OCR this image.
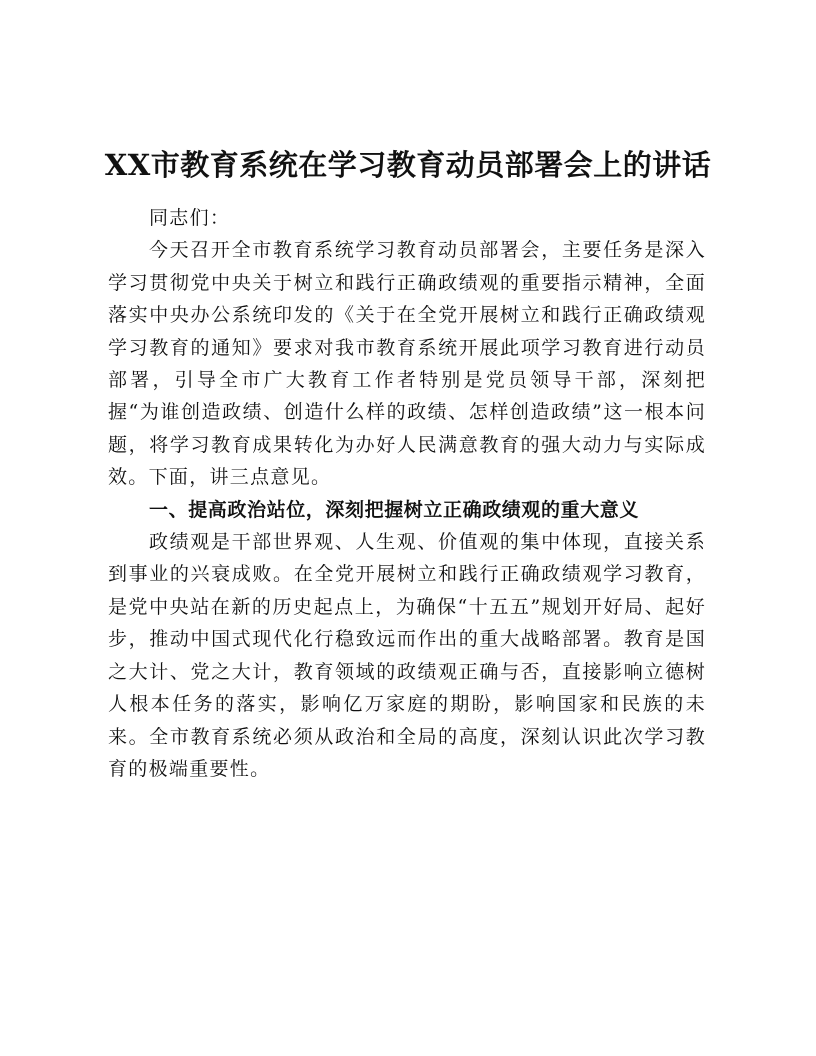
XX市教育系统在学习教育动员部署会上的讲话

同志们：

今天召开全市教育系统学习教育动员部署会，主要任务是深入学习贯彻党中央关于树立和践行正确政绩观的重要指示精神，全面落实中央办公系统印发的《关于在全党开展树立和践行正确政绩观学习教育的通知》要求对我市教育系统开展此项学习教育进行动员部署，引导全市广大教育工作者特别是党员领导干部，深刻把握“为谁创造政绩、创造什么样的政绩、怎样创造政绩”这一根本问题，将学习教育成果转化为办好人民满意教育的强大动力与实际成效。下面，讲三点意见。

一、提高政治站位，深刻把握树立正确政绩观的重大意义

政绩观是干部世界观、人生观、价值观的集中体现，直接关系到事业的兴衰成败。在全党开展树立和践行正确政绩观学习教育，是党中央站在新的历史起点上，为确保“十五五”规划开好局、起好步，推动中国式现代化行稳致远而作出的重大战略部署。教育是国之大计、党之大计，教育领域的政绩观正确与否，直接影响立德树人根本任务的落实，影响亿万家庭的期盼，影响国家和民族的未来。全市教育系统必须从政治和全局的高度，深刻认识此次学习教育的极端重要性。
